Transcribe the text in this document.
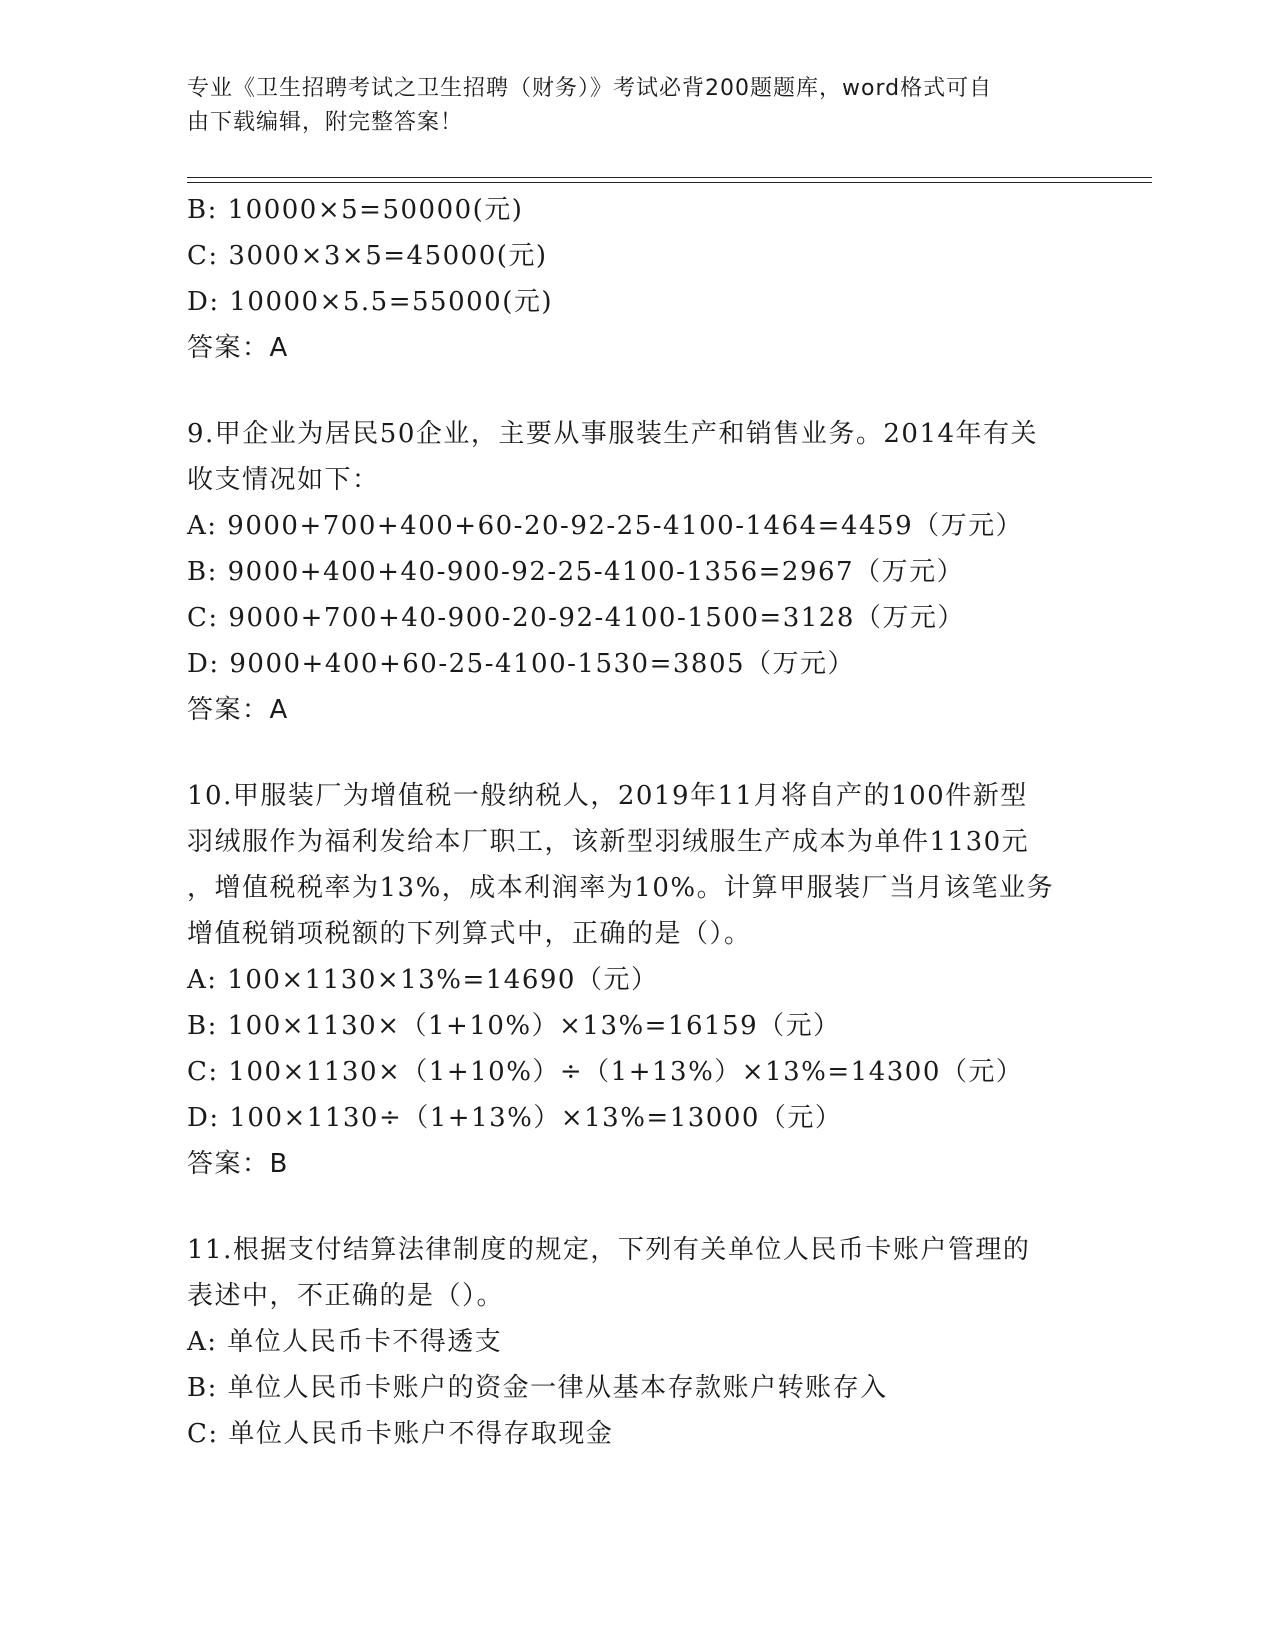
专业《卫生招聘考试之卫生招聘（财务）》考试必背200题题库，word格式可自
由下载编辑，附完整答案！
B: 10000×5=50000(元)
C: 3000×3×5=45000(元)
D: 10000×5.5=55000(元)
答案：A
9.甲企业为居民50企业，主要从事服装生产和销售业务。2014年有关
收支情况如下：
A: 9000+700+400+60-20-92-25-4100-1464=4459（万元）
B: 9000+400+40-900-92-25-4100-1356=2967（万元）
C: 9000+700+40-900-20-92-4100-1500=3128（万元）
D: 9000+400+60-25-4100-1530=3805（万元）
答案：A
10.甲服装厂为增值税一般纳税人，2019年11月将自产的100件新型
羽绒服作为福利发给本厂职工，该新型羽绒服生产成本为单件1130元
，增值税税率为13%，成本利润率为10%。计算甲服装厂当月该笔业务
增值税销项税额的下列算式中，正确的是（）。
A: 100×1130×13%=14690（元）
B: 100×1130×（1+10%）×13%=16159（元）
C: 100×1130×（1+10%）÷（1+13%）×13%=14300（元）
D: 100×1130÷（1+13%）×13%=13000（元）
答案：B
11.根据支付结算法律制度的规定，下列有关单位人民币卡账户管理的
表述中，不正确的是（）。
A: 单位人民币卡不得透支
B: 单位人民币卡账户的资金一律从基本存款账户转账存入
C: 单位人民币卡账户不得存取现金
